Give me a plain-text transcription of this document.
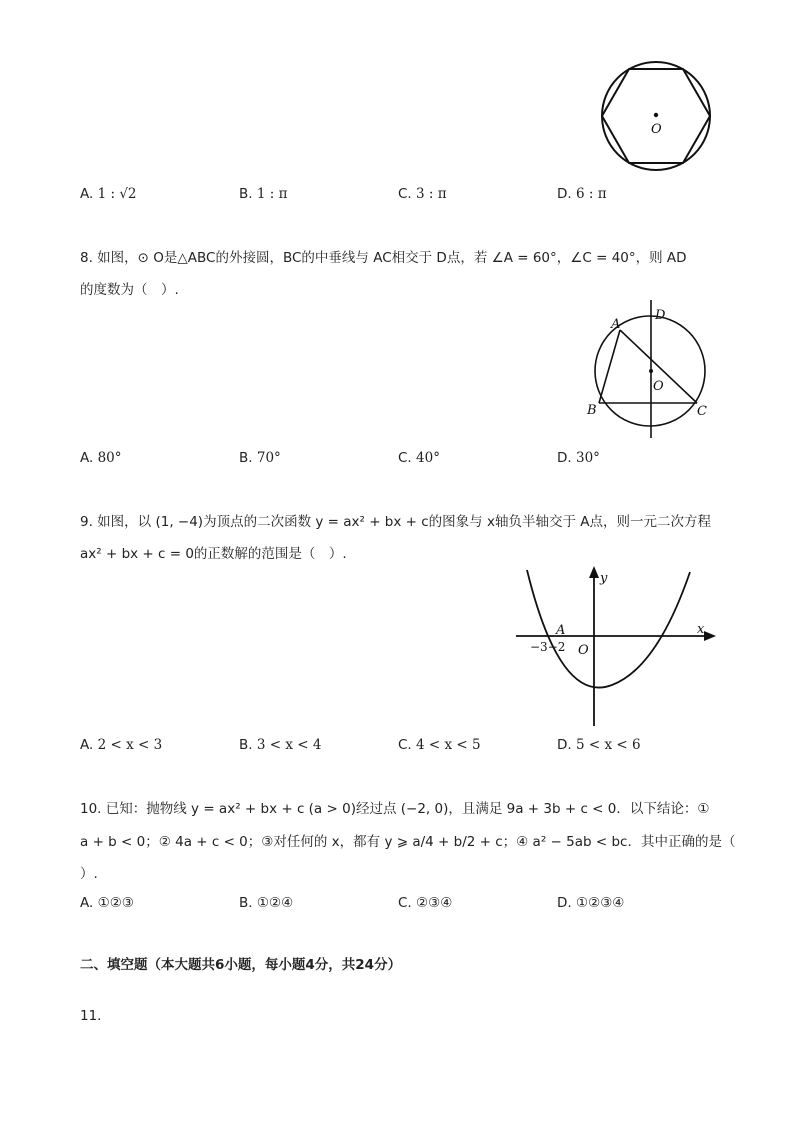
O
A. 1 : √2	B. 1 : π	C. 3 : π	D. 6 : π
8. 如图，⊙ O是△ABC的外接圆，BC的中垂线与 AC相交于 D点，若 ∠A = 60°，∠C = 40°，则 AD
的度数为（　）.
A
D
O
B	C
A. 80°	B. 70°	C. 40°	D. 30°
9. 如图，以 (1, −4)为顶点的二次函数 y = ax² + bx + c的图象与 x轴负半轴交于 A点，则一元二次方程
ax² + bx + c = 0的正数解的范围是（　）.
y
x
A
−3−2 O
A. 2 < x < 3	B. 3 < x < 4	C. 4 < x < 5	D. 5 < x < 6
10. 已知：抛物线 y = ax² + bx + c (a > 0)经过点 (−2, 0)，且满足 9a + 3b + c < 0．以下结论：①
a + b < 0；② 4a + c < 0；③对任何的 x，都有 y ⩾ a/4 + b/2 + c；④ a² − 5ab < bc．其中正确的是（
）.
A. ①②③	B. ①②④	C. ②③④	D. ①②③④
二、填空题（本大题共6小题，每小题4分，共24分）
11.
